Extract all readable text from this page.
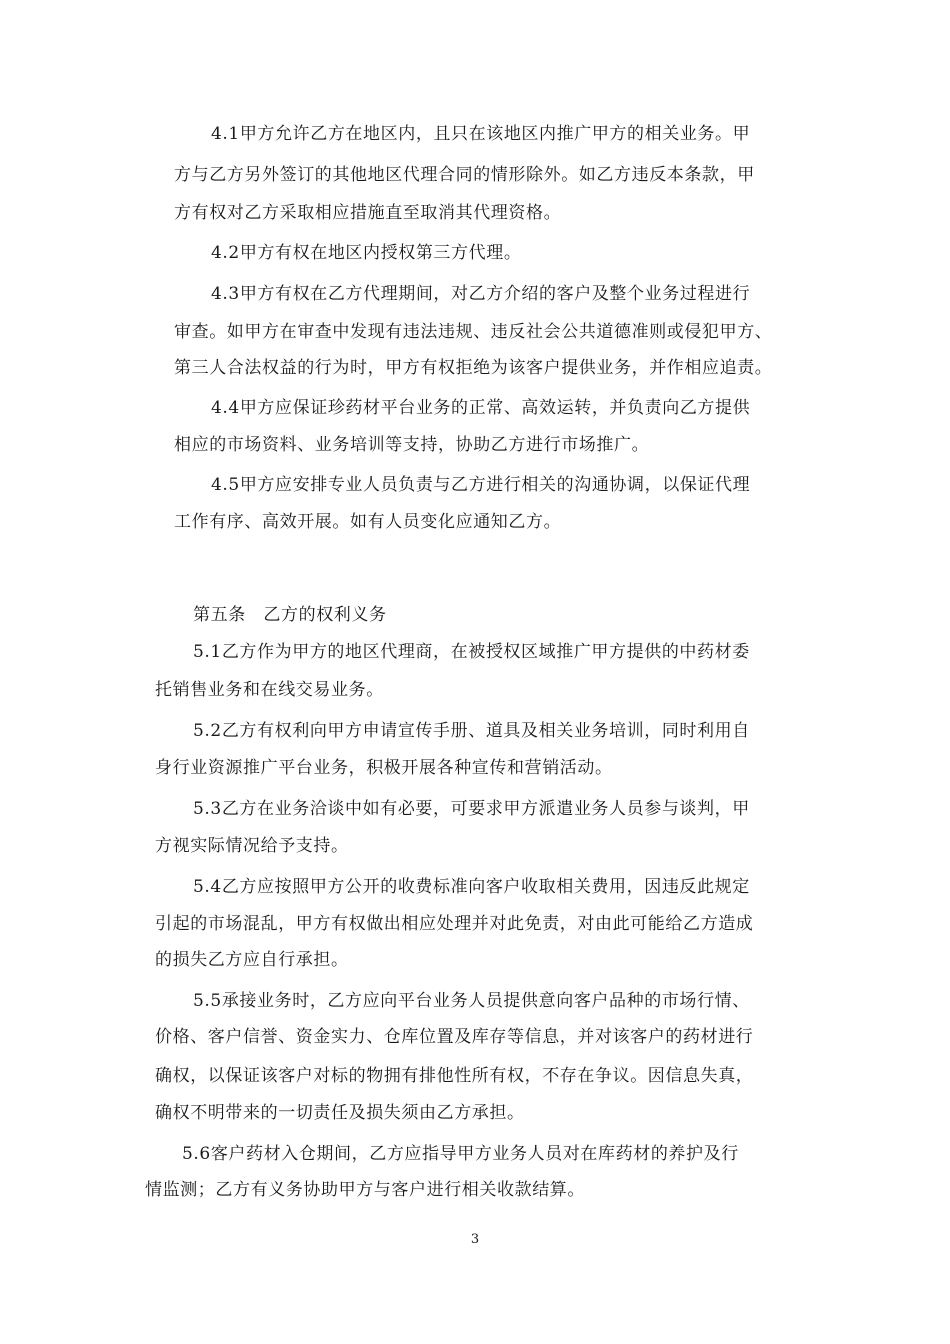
4.1甲方允许乙方在地区内，且只在该地区内推广甲方的相关业务。甲
方与乙方另外签订的其他地区代理合同的情形除外。如乙方违反本条款，甲
方有权对乙方采取相应措施直至取消其代理资格。
4.2甲方有权在地区内授权第三方代理。
4.3甲方有权在乙方代理期间，对乙方介绍的客户及整个业务过程进行
审查。如甲方在审查中发现有违法违规、违反社会公共道德准则或侵犯甲方、
第三人合法权益的行为时，甲方有权拒绝为该客户提供业务，并作相应追责。
4.4甲方应保证珍药材平台业务的正常、高效运转，并负责向乙方提供
相应的市场资料、业务培训等支持，协助乙方进行市场推广。
4.5甲方应安排专业人员负责与乙方进行相关的沟通协调，以保证代理
工作有序、高效开展。如有人员变化应通知乙方。
第五条　乙方的权利义务
5.1乙方作为甲方的地区代理商，在被授权区域推广甲方提供的中药材委
托销售业务和在线交易业务。
5.2乙方有权利向甲方申请宣传手册、道具及相关业务培训，同时利用自
身行业资源推广平台业务，积极开展各种宣传和营销活动。
5.3乙方在业务洽谈中如有必要，可要求甲方派遣业务人员参与谈判，甲
方视实际情况给予支持。
5.4乙方应按照甲方公开的收费标准向客户收取相关费用，因违反此规定
引起的市场混乱，甲方有权做出相应处理并对此免责，对由此可能给乙方造成
的损失乙方应自行承担。
5.5承接业务时，乙方应向平台业务人员提供意向客户品种的市场行情、
价格、客户信誉、资金实力、仓库位置及库存等信息，并对该客户的药材进行
确权，以保证该客户对标的物拥有排他性所有权，不存在争议。因信息失真，
确权不明带来的一切责任及损失须由乙方承担。
5.6客户药材入仓期间，乙方应指导甲方业务人员对在库药材的养护及行
情监测；乙方有义务协助甲方与客户进行相关收款结算。
3
